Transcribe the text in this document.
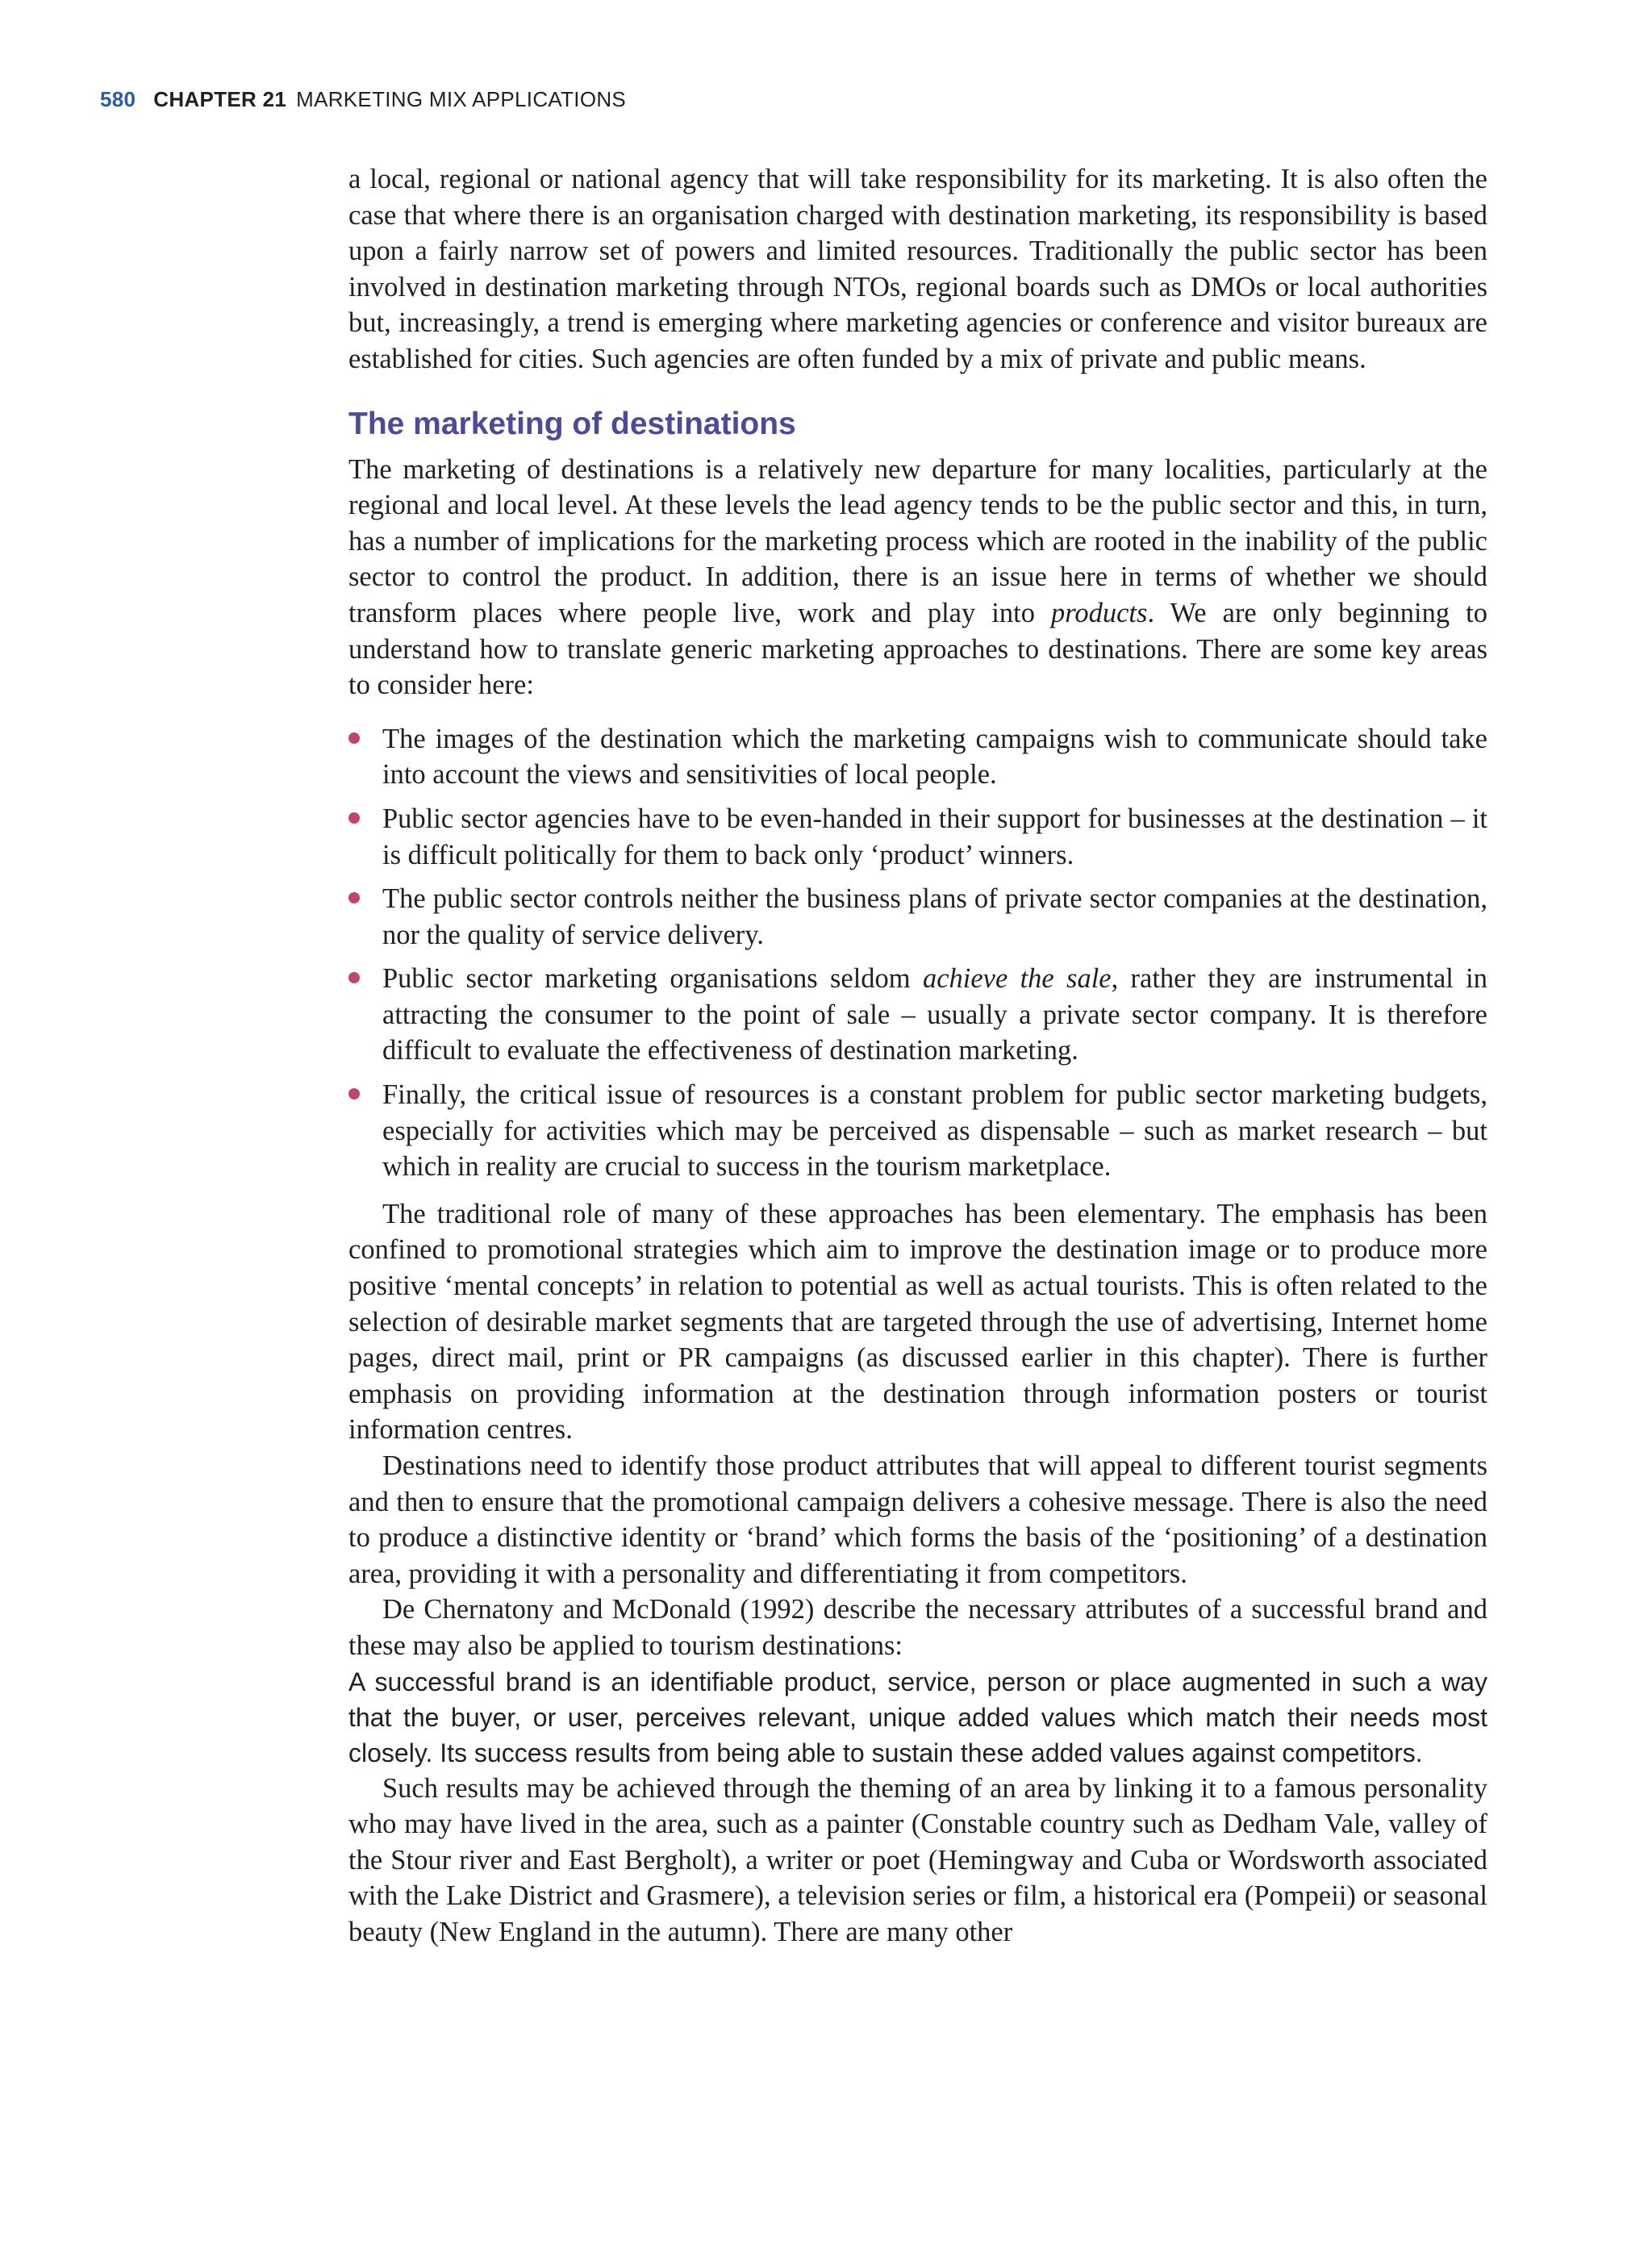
580 CHAPTER 21 MARKETING MIX APPLICATIONS

a local, regional or national agency that will take responsibility for its marketing. It is also often the case that where there is an organisation charged with destination marketing, its responsibility is based upon a fairly narrow set of powers and limited resources. Traditionally the public sector has been involved in destination marketing through NTOs, regional boards such as DMOs or local authorities but, increasingly, a trend is emerging where marketing agencies or conference and visitor bureaux are established for cities. Such agencies are often funded by a mix of private and public means.

The marketing of destinations

The marketing of destinations is a relatively new departure for many localities, particularly at the regional and local level. At these levels the lead agency tends to be the public sector and this, in turn, has a number of implications for the marketing process which are rooted in the inability of the public sector to control the product. In addition, there is an issue here in terms of whether we should transform places where people live, work and play into products. We are only beginning to understand how to translate generic marketing approaches to destinations. There are some key areas to consider here:

The images of the destination which the marketing campaigns wish to communicate should take into account the views and sensitivities of local people.
Public sector agencies have to be even-handed in their support for businesses at the destination – it is difficult politically for them to back only ‘product’ winners.
The public sector controls neither the business plans of private sector companies at the destination, nor the quality of service delivery.
Public sector marketing organisations seldom achieve the sale, rather they are instrumental in attracting the consumer to the point of sale – usually a private sector company. It is therefore difficult to evaluate the effectiveness of destination marketing.
Finally, the critical issue of resources is a constant problem for public sector marketing budgets, especially for activities which may be perceived as dispensable – such as market research – but which in reality are crucial to success in the tourism marketplace.

The traditional role of many of these approaches has been elementary. The emphasis has been confined to promotional strategies which aim to improve the destination image or to produce more positive ‘mental concepts’ in relation to potential as well as actual tourists. This is often related to the selection of desirable market segments that are targeted through the use of advertising, Internet home pages, direct mail, print or PR campaigns (as discussed earlier in this chapter). There is further emphasis on providing information at the destination through information posters or tourist information centres.

Destinations need to identify those product attributes that will appeal to different tourist segments and then to ensure that the promotional campaign delivers a cohesive message. There is also the need to produce a distinctive identity or ‘brand’ which forms the basis of the ‘positioning’ of a destination area, providing it with a personality and differentiating it from competitors.

De Chernatony and McDonald (1992) describe the necessary attributes of a successful brand and these may also be applied to tourism destinations:

A successful brand is an identifiable product, service, person or place augmented in such a way that the buyer, or user, perceives relevant, unique added values which match their needs most closely. Its success results from being able to sustain these added values against competitors.

Such results may be achieved through the theming of an area by linking it to a famous personality who may have lived in the area, such as a painter (Constable country such as Dedham Vale, valley of the Stour river and East Bergholt), a writer or poet (Hemingway and Cuba or Wordsworth associated with the Lake District and Grasmere), a television series or film, a historical era (Pompeii) or seasonal beauty (New England in the autumn). There are many other
